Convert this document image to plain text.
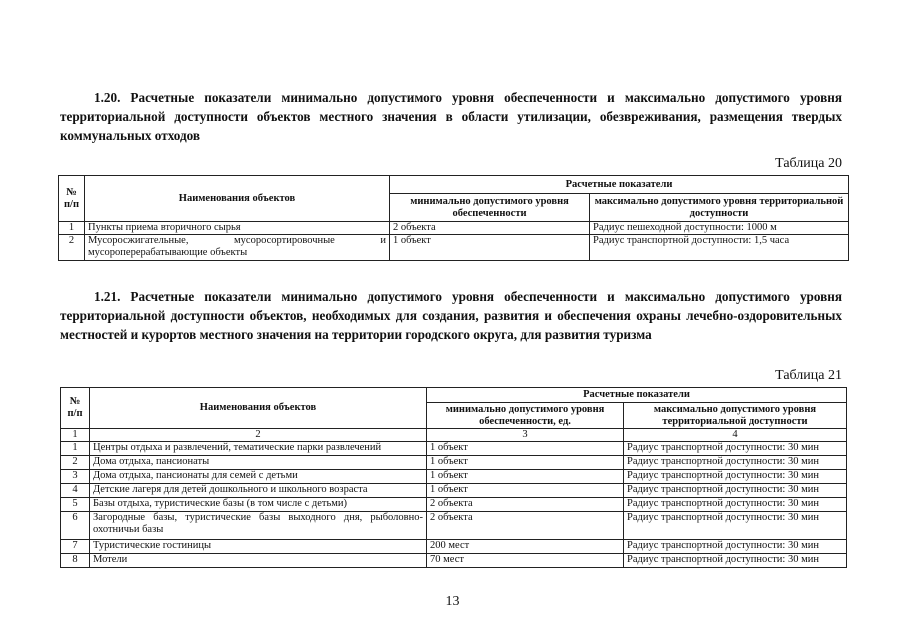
1.20. Расчетные показатели минимально допустимого уровня обеспеченности и максимально допустимого уровня территориальной доступности объектов местного значения в области утилизации, обезвреживания, размещения твердых коммунальных отходов
Таблица 20
№ п/п	Наименования объектов	Расчетные показатели	
		минимально допустимого уровня обеспеченности	максимально допустимого уровня территориальной доступности
1	Пункты приема вторичного сырья	2 объекта	Радиус пешеходной доступности: 1000 м
2	Мусоросжигательные, мусоросортировочные и мусороперерабатывающие объекты	1 объект	Радиус транспортной доступности: 1,5 часа
1.21. Расчетные показатели минимально допустимого уровня обеспеченности и максимально допустимого уровня территориальной доступности объектов, необходимых для создания, развития и обеспечения охраны лечебно-оздоровительных местностей и курортов местного значения на территории городского округа, для развития туризма
Таблица 21
№ п/п	Наименования объектов	Расчетные показатели	
		минимально допустимого уровня обеспеченности, ед.	максимально допустимого уровня территориальной доступности
1	2	3	4
1	Центры отдыха и развлечений, тематические парки развлечений	1 объект	Радиус транспортной доступности: 30 мин
2	Дома отдыха, пансионаты	1 объект	Радиус транспортной доступности: 30 мин
3	Дома отдыха, пансионаты для семей с детьми	1 объект	Радиус транспортной доступности: 30 мин
4	Детские лагеря для детей дошкольного и школьного возраста	1 объект	Радиус транспортной доступности: 30 мин
5	Базы отдыха, туристические базы (в том числе с детьми)	2 объекта	Радиус транспортной доступности: 30 мин
6	Загородные базы, туристические базы выходного дня, рыболовно-охотничьи базы	2 объекта	Радиус транспортной доступности: 30 мин
7	Туристические гостиницы	200 мест	Радиус транспортной доступности: 30 мин
8	Мотели	70 мест	Радиус транспортной доступности: 30 мин
13
